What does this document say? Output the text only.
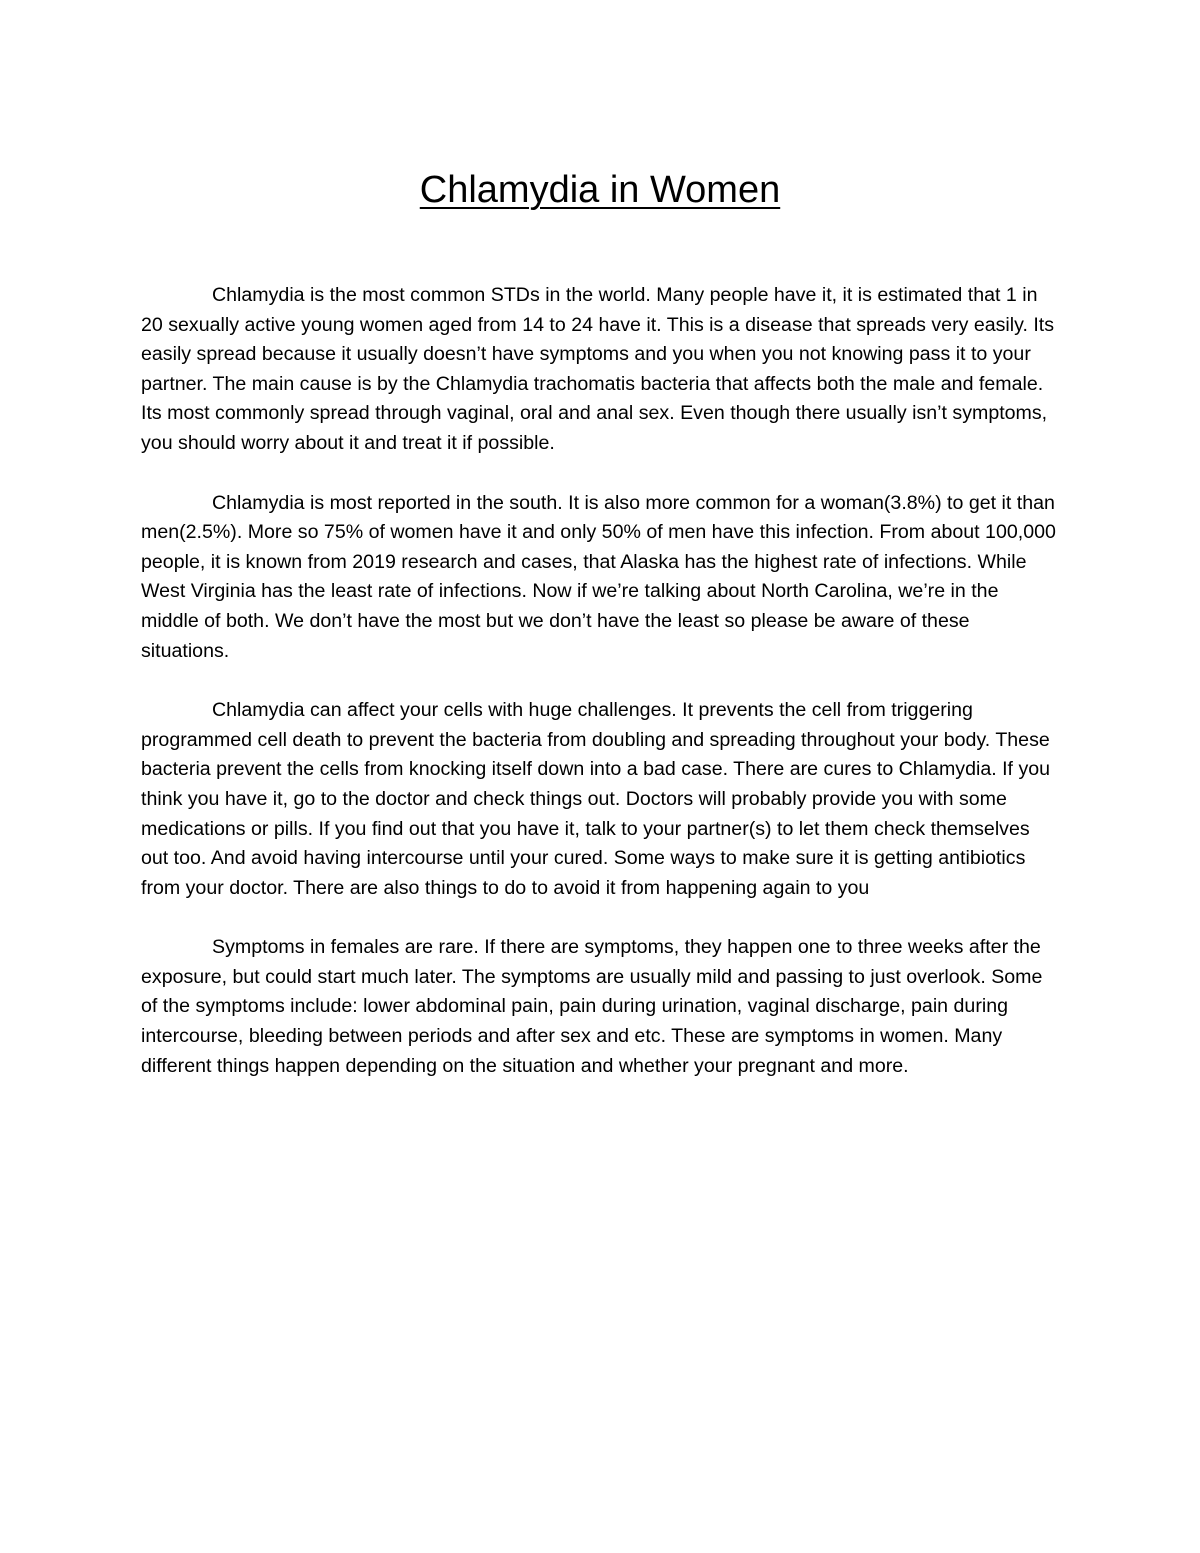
Chlamydia in Women

Chlamydia is the most common STDs in the world. Many people have it, it is estimated that 1 in 20 sexually active young women aged from 14 to 24 have it. This is a disease that spreads very easily. Its easily spread because it usually doesn’t have symptoms and you when you not knowing pass it to your partner. The main cause is by the Chlamydia trachomatis bacteria that affects both the male and female. Its most commonly spread through vaginal, oral and anal sex. Even though there usually isn’t symptoms, you should worry about it and treat it if possible.

Chlamydia is most reported in the south. It is also more common for a woman(3.8%) to get it than men(2.5%). More so 75% of women have it and only 50% of men have this infection. From about 100,000 people, it is known from 2019 research and cases, that Alaska has the highest rate of infections. While West Virginia has the least rate of infections. Now if we’re talking about North Carolina, we’re in the middle of both. We don’t have the most but we don’t have the least so please be aware of these situations.

Chlamydia can affect your cells with huge challenges. It prevents the cell from triggering programmed cell death to prevent the bacteria from doubling and spreading throughout your body. These bacteria prevent the cells from knocking itself down into a bad case. There are cures to Chlamydia. If you think you have it, go to the doctor and check things out. Doctors will probably provide you with some medications or pills. If you find out that you have it, talk to your partner(s) to let them check themselves out too. And avoid having intercourse until your cured. Some ways to make sure it is getting antibiotics from your doctor. There are also things to do to avoid it from happening again to you

Symptoms in females are rare. If there are symptoms, they happen one to three weeks after the exposure, but could start much later. The symptoms are usually mild and passing to just overlook. Some of the symptoms include: lower abdominal pain, pain during urination, vaginal discharge, pain during intercourse, bleeding between periods and after sex and etc. These are symptoms in women. Many different things happen depending on the situation and whether your pregnant and more.
